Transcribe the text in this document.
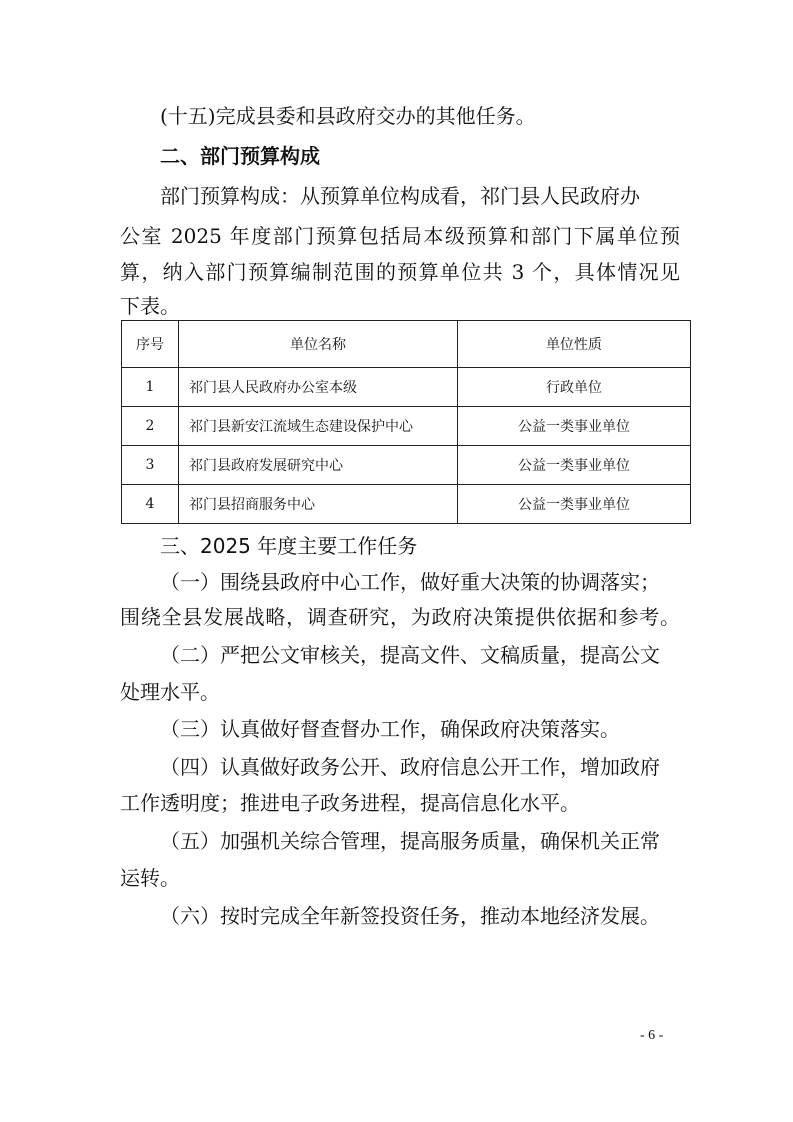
(十五)完成县委和县政府交办的其他任务。
二、部门预算构成
部门预算构成：从预算单位构成看，祁门县人民政府办
公室 2025 年度部门预算包括局本级预算和部门下属单位预
算，纳入部门预算编制范围的预算单位共 3 个，具体情况见
下表。
序号	单位名称	单位性质
1	祁门县人民政府办公室本级	行政单位
2	祁门县新安江流域生态建设保护中心	公益一类事业单位
3	祁门县政府发展研究中心	公益一类事业单位
4	祁门县招商服务中心	公益一类事业单位
三、2025 年度主要工作任务
（一）围绕县政府中心工作，做好重大决策的协调落实；
围绕全县发展战略，调查研究，为政府决策提供依据和参考。
（二）严把公文审核关，提高文件、文稿质量，提高公文
处理水平。
（三）认真做好督查督办工作，确保政府决策落实。
（四）认真做好政务公开、政府信息公开工作，增加政府
工作透明度；推进电子政务进程，提高信息化水平。
（五）加强机关综合管理，提高服务质量，确保机关正常
运转。
（六）按时完成全年新签投资任务，推动本地经济发展。
- 6 -
